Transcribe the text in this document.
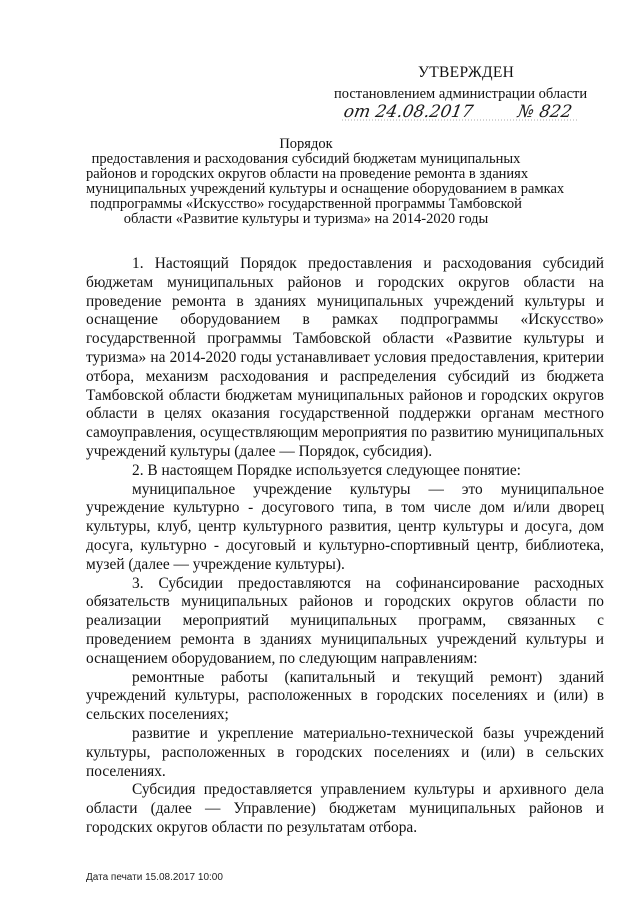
УТВЕРЖДЕН
постановлением администрации области
от 24.08.2017 № 822
Порядок
предоставления и расходования субсидий бюджетам муниципальных
районов и городских округов области на проведение ремонта в зданиях
муниципальных учреждений культуры и оснащение оборудованием в рамках
подпрограммы «Искусство» государственной программы Тамбовской
области «Развитие культуры и туризма» на 2014-2020 годы

1. Настоящий Порядок предоставления и расходования субсидий бюджетам муниципальных районов и городских округов области на проведение ремонта в зданиях муниципальных учреждений культуры и оснащение оборудованием в рамках подпрограммы «Искусство» государственной программы Тамбовской области «Развитие культуры и туризма» на 2014-2020 годы устанавливает условия предоставления, критерии отбора, механизм расходования и распределения субсидий из бюджета Тамбовской области бюджетам муниципальных районов и городских округов области в целях оказания государственной поддержки органам местного самоуправления, осуществляющим мероприятия по развитию муниципальных учреждений культуры (далее — Порядок, субсидия).

2. В настоящем Порядке используется следующее понятие:

муниципальное учреждение культуры — это муниципальное учреждение культурно - досугового типа, в том числе дом и/или дворец культуры, клуб, центр культурного развития, центр культуры и досуга, дом досуга, культурно - досуговый и культурно-спортивный центр, библиотека, музей (далее — учреждение культуры).

3. Субсидии предоставляются на софинансирование расходных обязательств муниципальных районов и городских округов области по реализации мероприятий муниципальных программ, связанных с проведением ремонта в зданиях муниципальных учреждений культуры и оснащением оборудованием, по следующим направлениям:

ремонтные работы (капитальный и текущий ремонт) зданий учреждений культуры, расположенных в городских поселениях и (или) в сельских поселениях;

развитие и укрепление материально-технической базы учреждений культуры, расположенных в городских поселениях и (или) в сельских поселениях.

Субсидия предоставляется управлением культуры и архивного дела области (далее — Управление) бюджетам муниципальных районов и городских округов области по результатам отбора.

Дата печати 15.08.2017 10:00
